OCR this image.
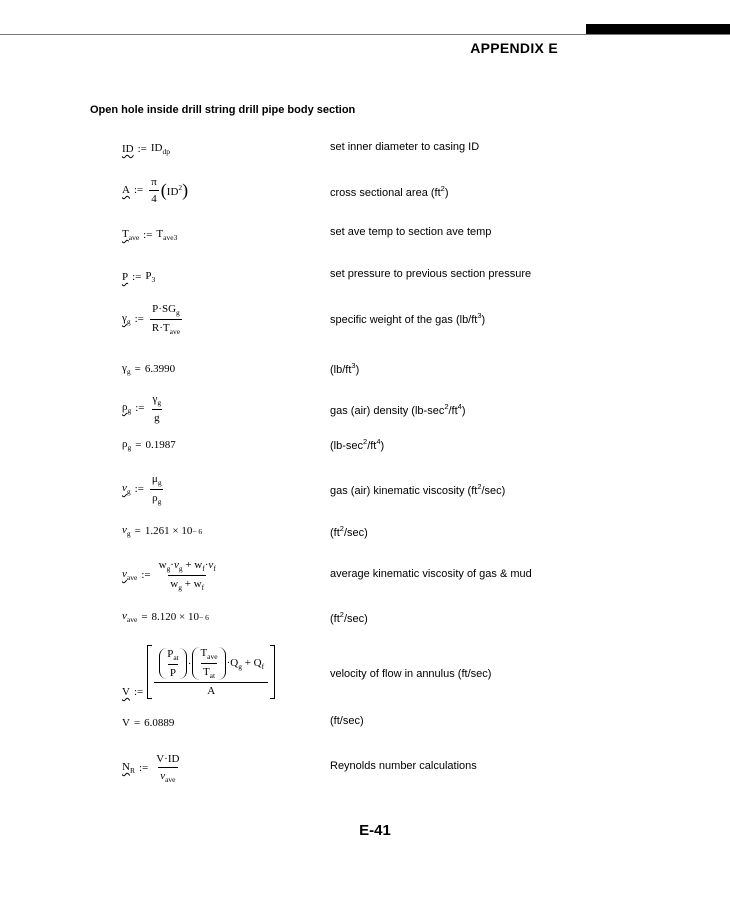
APPENDIX E
Open hole inside drill string drill pipe body section
ID := $ID_{dp}$	set inner diameter to casing ID
A := $\frac{\pi}{4}$ ( $ID^2$ )	cross sectional area $(ft^2)$
$T_{ave}$ := $T_{ave3}$	set ave temp to section ave temp
P := $P_3$	set pressure to previous section pressure
$\gamma_g$ := $\frac{P\cdot SG_g}{R\cdot T_{ave}}$	specific weight of the gas $(lb/ft^3)$
$\gamma_g = 6.3990$	$(lb/ft^3)$
$\rho_g$ := $\frac{\gamma_g}{g}$	gas (air) density $(lb-\sec^2/ft^4)$
$\rho_g = 0.1987$	$(lb-\sec^2/ft^4)$
$\nu_g$ := $\frac{\mu_g}{\rho_g}$	gas (air) kinematic viscosity $(ft^2/\sec)$
$\nu_g = 1.261 \times 10 - 6$	$(ft^2/\sec)$
$\nu_{ave}$ := $\frac{w_g\cdot\nu_g + w_f\cdot\nu_f}{w_g + w_f}$	average kinematic viscosity of gas & mud
$\nu_{ave} = 8.120 \times 10 - 6$	$(ft^2/\sec)$
V := $\frac{\frac{P_{at}}{P} \cdot \frac{T_{ave}}{T_{at}} \cdot Q_g + Q_f}{A}$	velocity of flow in annulus (ft/sec)
V = 6.0889	(ft/sec)
$N_R$ := $\frac{V\cdot ID}{\nu_{ave}}$	Reynolds number calculations
E-41
